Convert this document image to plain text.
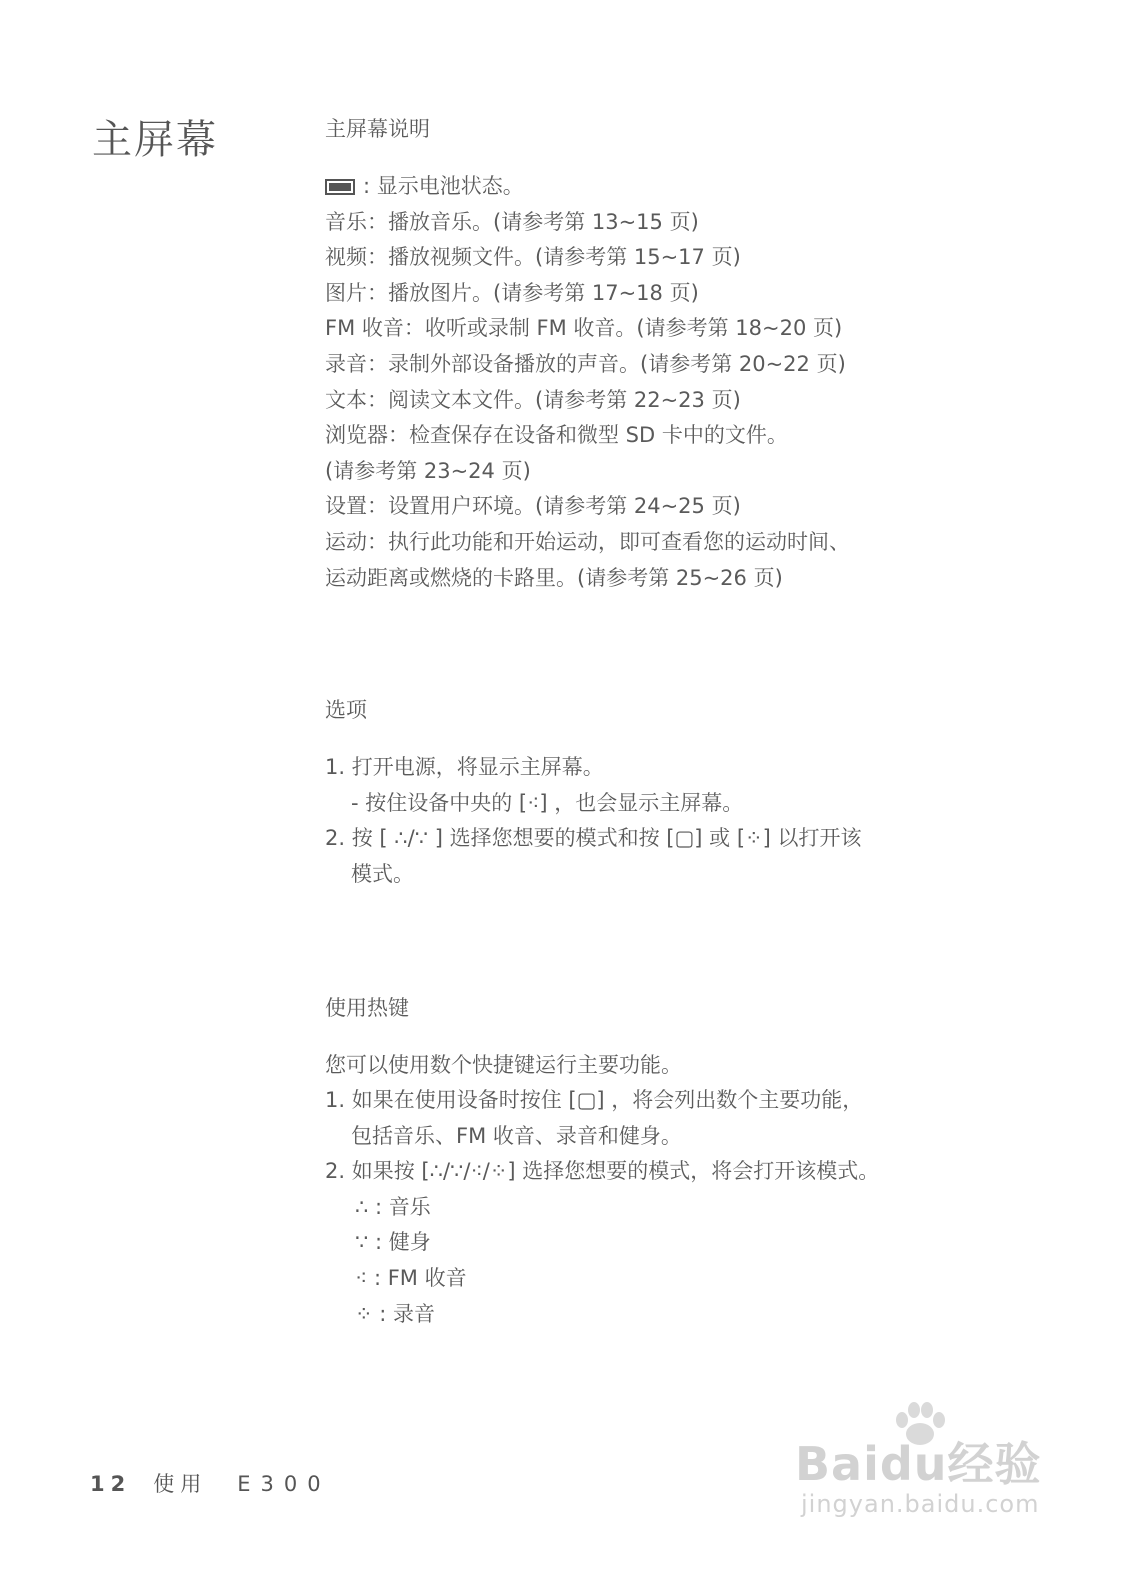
主屏幕	主屏幕说明
: 显示电池状态。
音乐：播放音乐。(请参考第 13~15 页)
视频：播放视频文件。(请参考第 15~17 页)
图片：播放图片。(请参考第 17~18 页)
FM 收音：收听或录制 FM 收音。(请参考第 18~20 页)
录音：录制外部设备播放的声音。(请参考第 20~22 页)
文本：阅读文本文件。(请参考第 22~23 页)
浏览器：检查保存在设备和微型 SD 卡中的文件。
(请参考第 23~24 页)
设置：设置用户环境。(请参考第 24~25 页)
运动：执行此功能和开始运动，即可查看您的运动时间、
运动距离或燃烧的卡路里。(请参考第 25~26 页)
选项
1. 打开电源，将显示主屏幕。
- 按住设备中央的 [⁖] ，也会显示主屏幕。
2. 按 [ ∴/∵ ] 选择您想要的模式和按 [▢] 或 [⁘] 以打开该
模式。
使用热键
您可以使用数个快捷键运行主要功能。
1. 如果在使用设备时按住 [▢] ，将会列出数个主要功能，
包括音乐、FM 收音、录音和健身。
2. 如果按 [∴/∵/⁖/⁘] 选择您想要的模式，将会打开该模式。
∴ : 音乐
∵ : 健身
⁖ : FM 收音
⁘ : 录音
12 使用 E300	Baidu经验
jingyan.baidu.com
